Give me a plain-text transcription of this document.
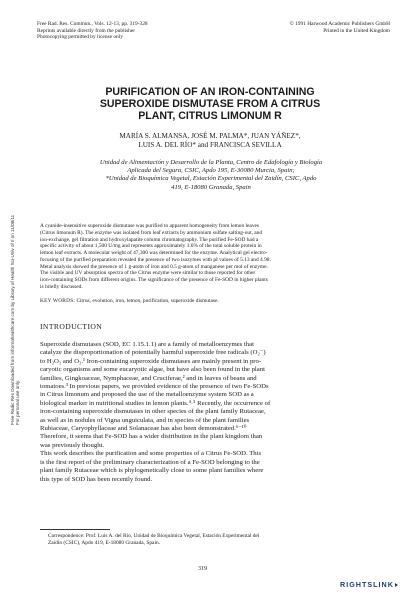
Free Rad. Res. Commun., Vols. 12-13, pp. 319-328
Reprints available directly from the publisher
Photocopying permitted by license only
© 1991 Harwood Academic Publishers GmbH
Printed in the United Kingdom
PURIFICATION OF AN IRON-CONTAINING
SUPEROXIDE DISMUTASE FROM A CITRUS
PLANT, CITRUS LIMONUM R
MARÍA S. ALMANSA, JOSÉ M. PALMA*, JUAN YÁÑEZ*,
LUIS A. DEL RÍO* and FRANCISCA SEVILLA
Unidad de Alimentación y Desarrollo de la Planta, Centro de Edafología y Biología
Aplicada del Segura, CSIC, Apdo 195, E-30080 Murcia, Spain;
*Unidad de Bioquímica Vegetal, Estación Experimental del Zaidín, CSIC, Apdo
419, E-18080 Granada, Spain
A cyanide-insensitive superoxide dismutase was purified to apparent homogeneity from lemon leaves
(Citrus limonum R). The enzyme was isolated from leaf extracts by ammonium sulfate salting-out, and
ion-exchange, gel filtration and hydroxylapatite column chromatography. The purified Fe-SOD had a
specific activity of about 1,500 U/mg and represents approximately 1.6% of the total soluble protein in
lemon leaf extracts. A molecular weight of 47,300 was determined for the enzyme. Analytical gel electro-
focusing of the purified preparation revealed the presence of two isozymes with pI values of 5.13 and 4.98.
Metal analysis showed the presence of 1 g-atom of iron and 0.5 g-atom of manganese per mol of enzyme.
The visible and UV absorption spectra of the Citrus enzyme were similar to those reported for other
iron-containing SODs from different origins. The significance of the presence of Fe-SOD in higher plants
is briefly discussed.
KEY WORDS: Citrus, evolution, iron, lemon, purification, superoxide dismutase.
INTRODUCTION
Superoxide dismutases (SOD, EC 1.15.1.1) are a family of metalloenzymes that
catalyze the disproportionation of potentially harmful superoxide free radicals (O₂⁻)
to H₂O₂ and O₂.¹ Iron-containing superoxide dismutases are mainly present in pro-
caryotic organisms and some eucaryotic algae, but have also been found in the plant
families, Gingkoaceae, Nymphaceae, and Cruciferae,² and in leaves of beans and
tomatoes.³ In previous papers, we provided evidence of the presence of two Fe-SODs
in Citrus limonum and proposed the use of the metalloenzyme system SOD as a
biological marker in nutritional studies in lemon plants.⁴·⁵ Recently, the occurrence of
iron-containing superoxide dismutases in other species of the plant family Rutaceae,
as well as in nodules of Vigna unguiculata, and in species of the plant families
Rubiaceae, Caryophyllaceae and Solanaceae has also been demonstrated.⁶⁻¹⁰
Therefore, it seems that Fe-SOD has a wider distribution in the plant kingdom than
was previously thought.
This work describes the purification and some properties of a Citrus Fe-SOD. This
is the first report of the preliminary characterization of a Fe-SOD belonging to the
plant family Rutaceae which is phylogenetically close to some plant families where
this type of SOD has been recently found.
Correspondence: Prof. Luis A. del Río, Unidad de Bioquímica Vegetal, Estación Experimental del
Zaidín (CSIC), Apdo 419, E-18080 Granada, Spain.
319
Free Radic Res Downloaded from informahealthcare.com by Library of Health Sci-Univ of Il on 11/08/11 For personal use only.
RIGHTSLINK
